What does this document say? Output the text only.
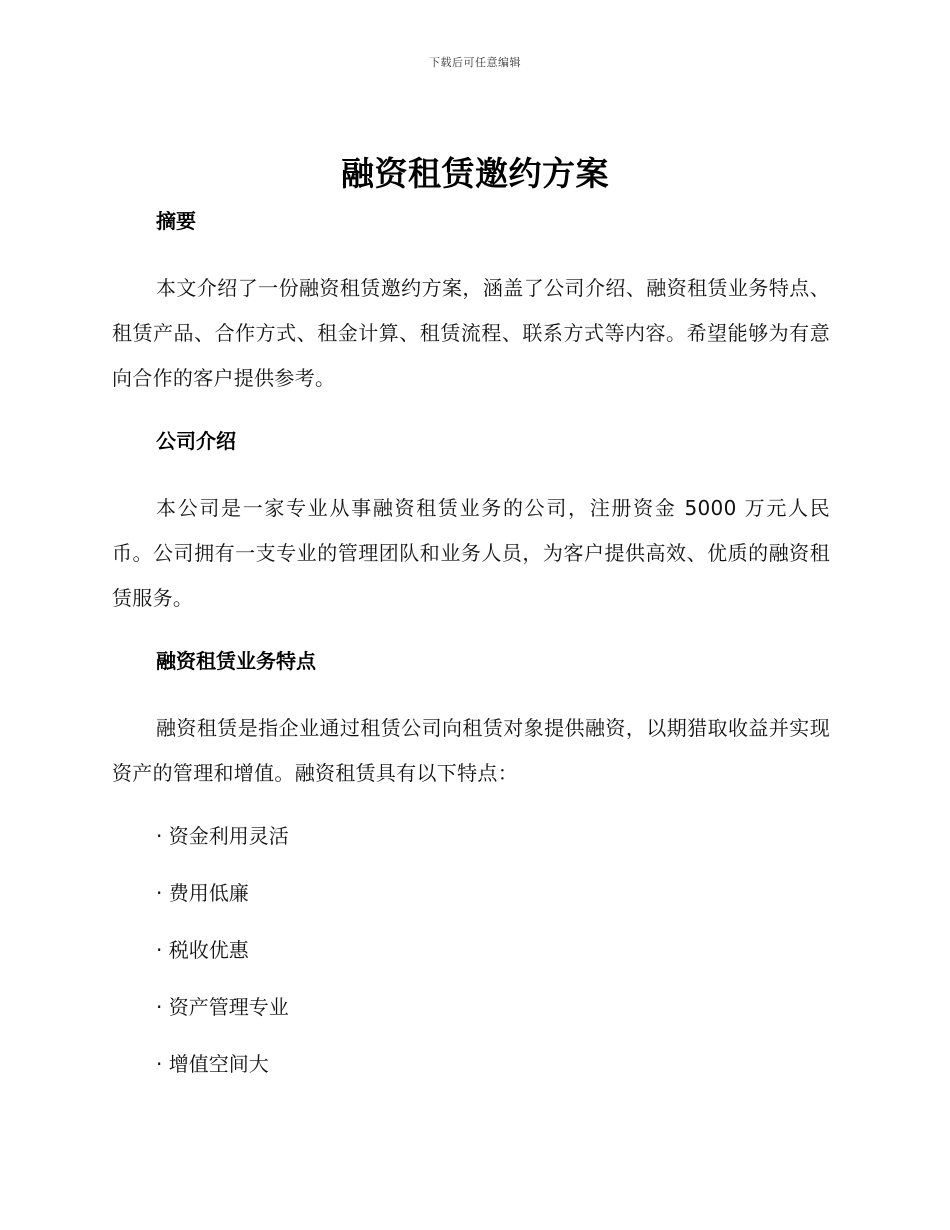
下载后可任意编辑
融资租赁邀约方案
摘要

本文介绍了一份融资租赁邀约方案，涵盖了公司介绍、融资租赁业务特点、租赁产品、合作方式、租金计算、租赁流程、联系方式等内容。希望能够为有意向合作的客户提供参考。

公司介绍

本公司是一家专业从事融资租赁业务的公司，注册资金 5000 万元人民币。公司拥有一支专业的管理团队和业务人员，为客户提供高效、优质的融资租赁服务。

融资租赁业务特点

融资租赁是指企业通过租赁公司向租赁对象提供融资，以期猎取收益并实现资产的管理和增值。融资租赁具有以下特点：

· 资金利用灵活

· 费用低廉

· 税收优惠

· 资产管理专业

· 增值空间大
